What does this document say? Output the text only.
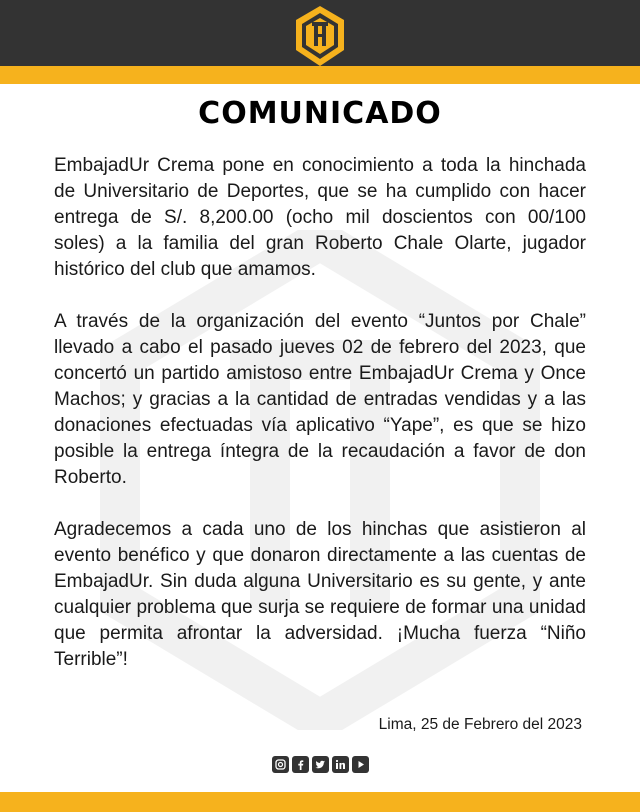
COMUNICADO

EmbajadUr Crema pone en conocimiento a toda la hinchada de Universitario de Deportes, que se ha cumplido con hacer entrega de S/. 8,200.00 (ocho mil doscientos con 00/100 soles) a la familia del gran Roberto Chale Olarte, jugador histórico del club que amamos.

A través de la organización del evento “Juntos por Chale” llevado a cabo el pasado jueves 02 de febrero del 2023, que concertó un partido amistoso entre EmbajadUr Crema y Once Machos; y gracias a la cantidad de entradas vendidas y a las donaciones efectuadas vía aplicativo “Yape”, es que se hizo posible la entrega íntegra de la recaudación a favor de don Roberto.

Agradecemos a cada uno de los hinchas que asistieron al evento benéfico y que donaron directamente a las cuentas de EmbajadUr. Sin duda alguna Universitario es su gente, y ante cualquier problema que surja se requiere de formar una unidad que permita afrontar la adversidad. ¡Mucha fuerza “Niño Terrible”!

Lima, 25 de Febrero del 2023
